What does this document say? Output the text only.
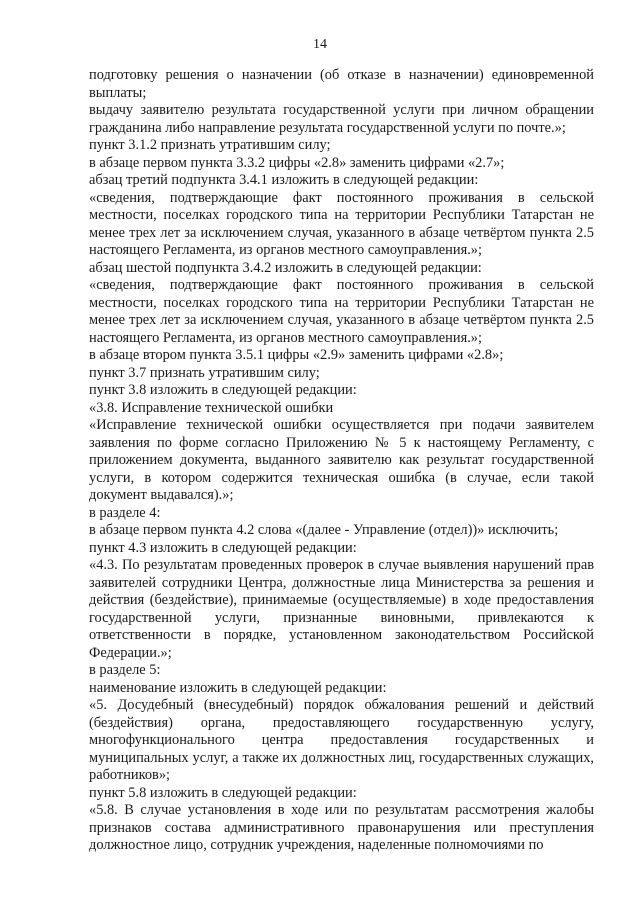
14

подготовку решения о назначении (об отказе в назначении) единовременной выплаты;

выдачу заявителю результата государственной услуги при личном обращении гражданина либо направление результата государственной услуги по почте.»;

пункт 3.1.2 признать утратившим силу;

в абзаце первом пункта 3.3.2 цифры «2.8» заменить цифрами «2.7»;

абзац третий подпункта 3.4.1 изложить в следующей редакции:

«сведения, подтверждающие факт постоянного проживания в сельской местности, поселках городского типа на территории Республики Татарстан не менее трех лет за исключением случая, указанного в абзаце четвёртом пункта 2.5 настоящего Регламента, из органов местного самоуправления.»;

абзац шестой подпункта 3.4.2 изложить в следующей редакции:

«сведения, подтверждающие факт постоянного проживания в сельской местности, поселках городского типа на территории Республики Татарстан не менее трех лет за исключением случая, указанного в абзаце четвёртом пункта 2.5 настоящего Регламента, из органов местного самоуправления.»;

в абзаце втором пункта 3.5.1 цифры «2.9» заменить цифрами «2.8»;

пункт 3.7 признать утратившим силу;

пункт 3.8 изложить в следующей редакции:

«3.8. Исправление технической ошибки

«Исправление технической ошибки осуществляется при подачи заявителем заявления по форме согласно Приложению № 5 к настоящему Регламенту, с приложением документа, выданного заявителю как результат государственной услуги, в котором содержится техническая ошибка (в случае, если такой документ выдавался).»;

в разделе 4:

в абзаце первом пункта 4.2 слова «(далее - Управление (отдел))» исключить;

пункт 4.3 изложить в следующей редакции:

«4.3. По результатам проведенных проверок в случае выявления нарушений прав заявителей сотрудники Центра, должностные лица Министерства за решения и действия (бездействие), принимаемые (осуществляемые) в ходе предоставления государственной услуги, признанные виновными, привлекаются к ответственности в порядке, установленном законодательством Российской Федерации.»;

в разделе 5:

наименование изложить в следующей редакции:

«5. Досудебный (внесудебный) порядок обжалования решений и действий (бездействия) органа, предоставляющего государственную услугу, многофункционального центра предоставления государственных и муниципальных услуг, а также их должностных лиц, государственных служащих, работников»;

пункт 5.8 изложить в следующей редакции:

«5.8. В случае установления в ходе или по результатам рассмотрения жалобы признаков состава административного правонарушения или преступления должностное лицо, сотрудник учреждения, наделенные полномочиями по
